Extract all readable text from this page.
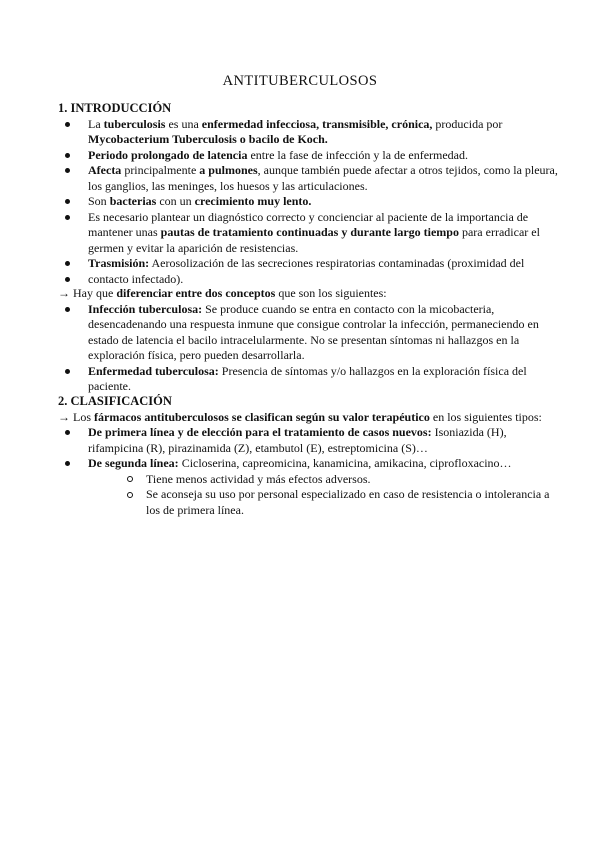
ANTITUBERCULOSOS

1. INTRODUCCIÓN

La tuberculosis es una enfermedad infecciosa, transmisible, crónica, producida por Mycobacterium Tuberculosis o bacilo de Koch.
Periodo prolongado de latencia entre la fase de infección y la de enfermedad.
Afecta principalmente a pulmones, aunque también puede afectar a otros tejidos, como la pleura, los ganglios, las meninges, los huesos y las articulaciones.
Son bacterias con un crecimiento muy lento.
Es necesario plantear un diagnóstico correcto y concienciar al paciente de la importancia de mantener unas pautas de tratamiento continuadas y durante largo tiempo para erradicar el germen y evitar la aparición de resistencias.
Trasmisión: Aerosolización de las secreciones respiratorias contaminadas (proximidad del
contacto infectado).

→ Hay que diferenciar entre dos conceptos que son los siguientes:

Infección tuberculosa: Se produce cuando se entra en contacto con la micobacteria, desencadenando una respuesta inmune que consigue controlar la infección, permaneciendo en estado de latencia el bacilo intracelularmente. No se presentan síntomas ni hallazgos en la exploración física, pero pueden desarrollarla.
Enfermedad tuberculosa: Presencia de síntomas y/o hallazgos en la exploración física del paciente.

2. CLASIFICACIÓN

→ Los fármacos antituberculosos se clasifican según su valor terapéutico en los siguientes tipos:

De primera línea y de elección para el tratamiento de casos nuevos: Isoniazida (H), rifampicina (R), pirazinamida (Z), etambutol (E), estreptomicina (S)…
De segunda línea: Cicloserina, capreomicina, kanamicina, amikacina, ciprofloxacino…
Tiene menos actividad y más efectos adversos.
Se aconseja su uso por personal especializado en caso de resistencia o intolerancia a los de primera línea.
